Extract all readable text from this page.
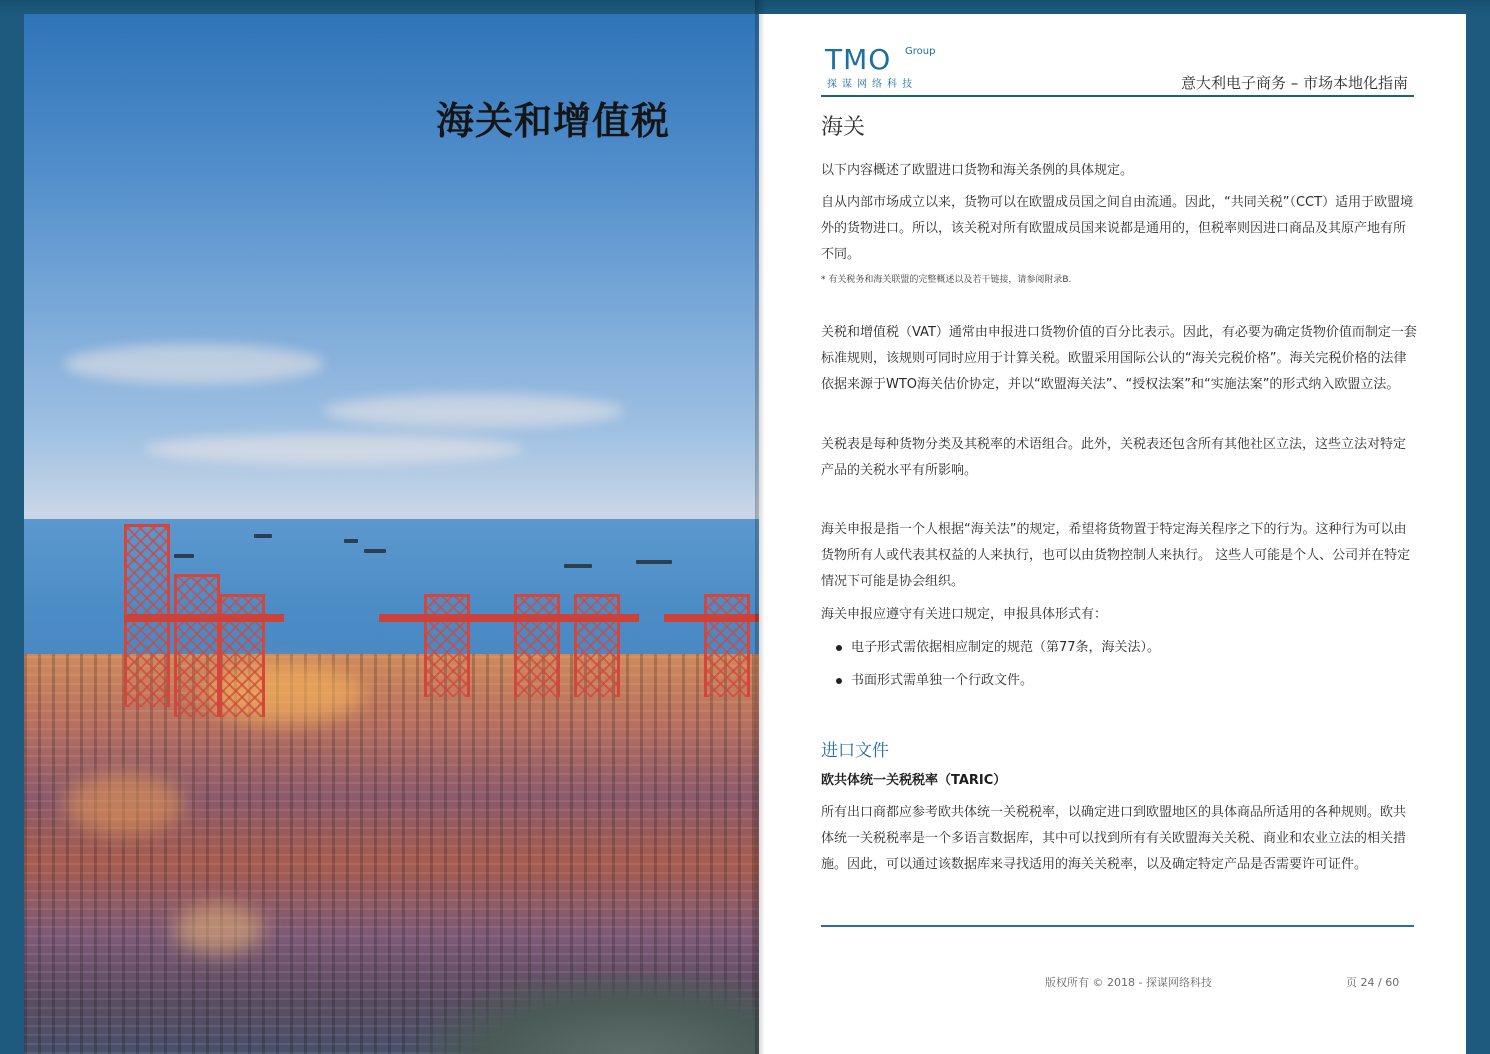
海关和增值税
TMO Group
探谋网络科技	意大利电子商务 – 市场本地化指南
海关
以下内容概述了欧盟进口货物和海关条例的具体规定。
自从内部市场成立以来，货物可以在欧盟成员国之间自由流通。因此，“共同关税”（CCT）适用于欧盟境外的货物进口。所以，该关税对所有欧盟成员国来说都是通用的，但税率则因进口商品及其原产地有所不同。
* 有关税务和海关联盟的完整概述以及若干链接，请参阅附录B.
关税和增值税（VAT）通常由申报进口货物价值的百分比表示。因此，有必要为确定货物价值而制定一套标准规则，该规则可同时应用于计算关税。欧盟采用国际公认的“海关完税价格”。海关完税价格的法律依据来源于WTO海关估价协定，并以“欧盟海关法”、“授权法案”和“实施法案”的形式纳入欧盟立法。
关税表是每种货物分类及其税率的术语组合。此外，关税表还包含所有其他社区立法，这些立法对特定产品的关税水平有所影响。
海关申报是指一个人根据“海关法”的规定，希望将货物置于特定海关程序之下的行为。这种行为可以由货物所有人或代表其权益的人来执行，也可以由货物控制人来执行。 这些人可能是个人、公司并在特定情况下可能是协会组织。
海关申报应遵守有关进口规定，申报具体形式有：
电子形式需依据相应制定的规范（第77条，海关法）。
书面形式需单独一个行政文件。
进口文件
欧共体统一关税税率（TARIC）
所有出口商都应参考欧共体统一关税税率，以确定进口到欧盟地区的具体商品所适用的各种规则。欧共体统一关税税率是一个多语言数据库，其中可以找到所有有关欧盟海关关税、商业和农业立法的相关措施。因此，可以通过该数据库来寻找适用的海关关税率，以及确定特定产品是否需要许可证件。
版权所有 © 2018 - 探谋网络科技	页 24 / 60
